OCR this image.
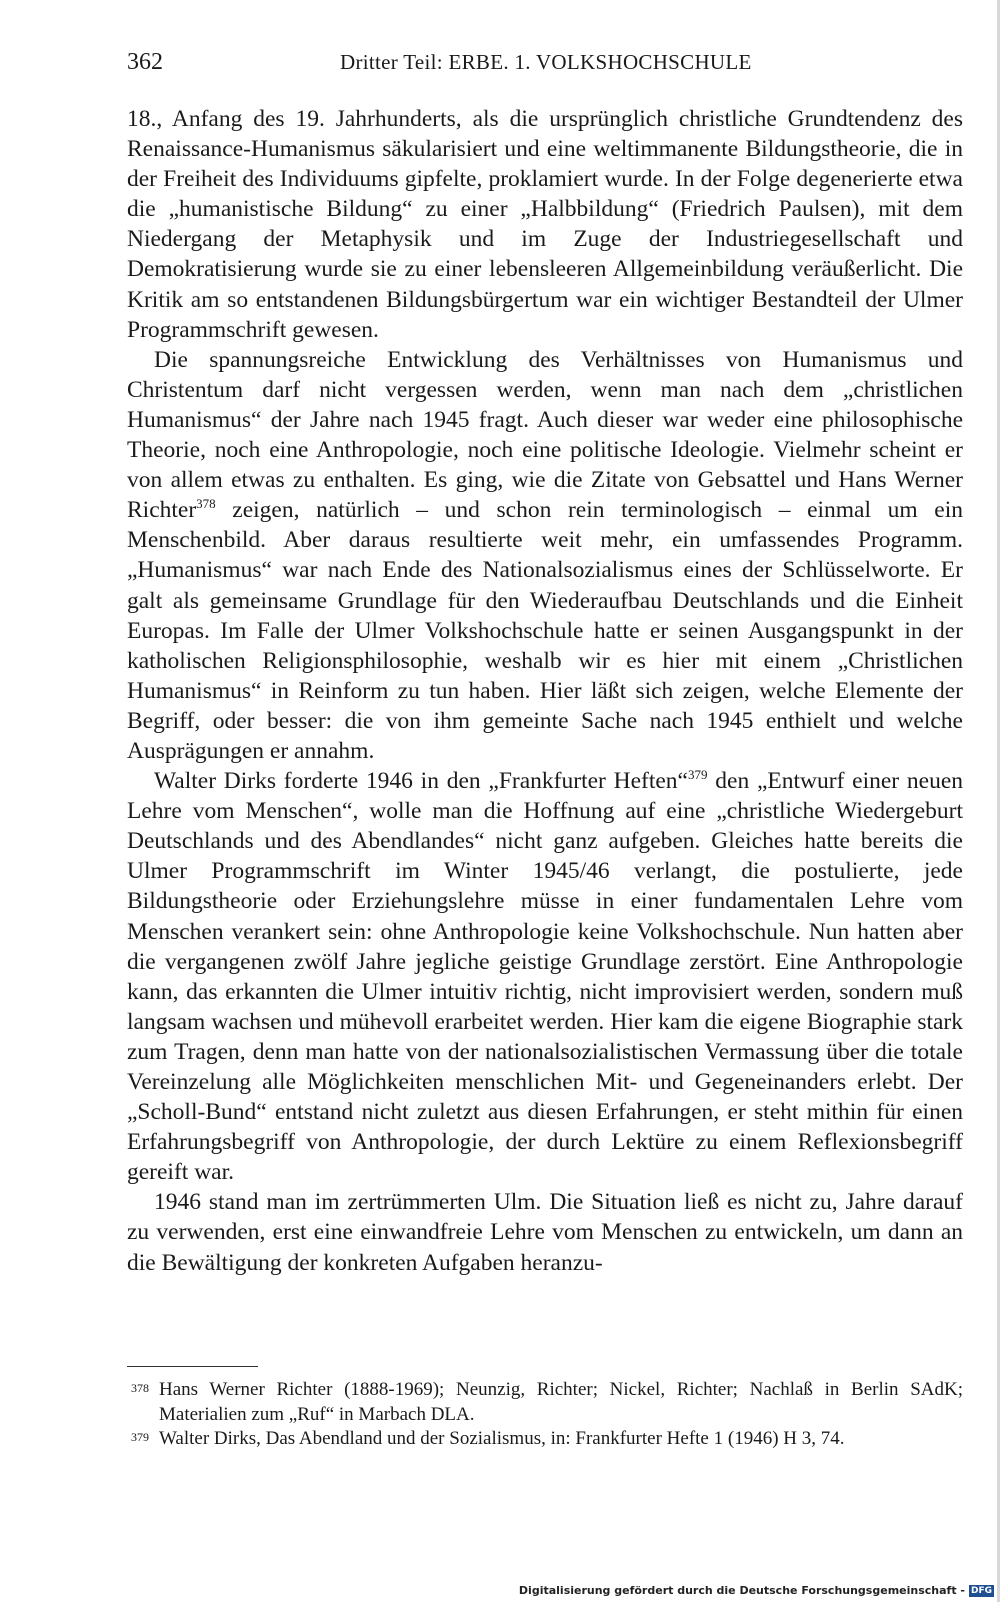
362	Dritter Teil: ERBE. 1. VOLKSHOCHSCHULE

18., Anfang des 19. Jahrhunderts, als die ursprünglich christliche Grundtendenz des Renaissance-Humanismus säkularisiert und eine weltimmanente Bildungstheorie, die in der Freiheit des Individuums gipfelte, proklamiert wurde. In der Folge degenerierte etwa die „humanistische Bildung“ zu einer „Halbbildung“ (Friedrich Paulsen), mit dem Niedergang der Metaphysik und im Zuge der Industriegesellschaft und Demokratisierung wurde sie zu einer lebensleeren Allgemeinbildung veräußerlicht. Die Kritik am so entstandenen Bildungsbürgertum war ein wichtiger Bestandteil der Ulmer Programmschrift gewesen.

Die spannungsreiche Entwicklung des Verhältnisses von Humanismus und Christentum darf nicht vergessen werden, wenn man nach dem „christlichen Humanismus“ der Jahre nach 1945 fragt. Auch dieser war weder eine philosophische Theorie, noch eine Anthropologie, noch eine politische Ideologie. Vielmehr scheint er von allem etwas zu enthalten. Es ging, wie die Zitate von Gebsattel und Hans Werner Richter$^{378}$ zeigen, natürlich – und schon rein terminologisch – einmal um ein Menschenbild. Aber daraus resultierte weit mehr, ein umfassendes Programm. „Humanismus“ war nach Ende des Nationalsozialismus eines der Schlüsselworte. Er galt als gemeinsame Grundlage für den Wiederaufbau Deutschlands und die Einheit Europas. Im Falle der Ulmer Volkshochschule hatte er seinen Ausgangspunkt in der katholischen Religionsphilosophie, weshalb wir es hier mit einem „Christlichen Humanismus“ in Reinform zu tun haben. Hier läßt sich zeigen, welche Elemente der Begriff, oder besser: die von ihm gemeinte Sache nach 1945 enthielt und welche Ausprägungen er annahm.

Walter Dirks forderte 1946 in den „Frankfurter Heften“$^{379}$ den „Entwurf einer neuen Lehre vom Menschen“, wolle man die Hoffnung auf eine „christliche Wiedergeburt Deutschlands und des Abendlandes“ nicht ganz aufgeben. Gleiches hatte bereits die Ulmer Programmschrift im Winter 1945/46 verlangt, die postulierte, jede Bildungstheorie oder Erziehungslehre müsse in einer fundamentalen Lehre vom Menschen verankert sein: ohne Anthropologie keine Volkshochschule. Nun hatten aber die vergangenen zwölf Jahre jegliche geistige Grundlage zerstört. Eine Anthropologie kann, das erkannten die Ulmer intuitiv richtig, nicht improvisiert werden, sondern muß langsam wachsen und mühevoll erarbeitet werden. Hier kam die eigene Biographie stark zum Tragen, denn man hatte von der nationalsozialistischen Vermassung über die totale Vereinzelung alle Möglichkeiten menschlichen Mit- und Gegeneinanders erlebt. Der „Scholl-Bund“ entstand nicht zuletzt aus diesen Erfahrungen, er steht mithin für einen Erfahrungsbegriff von Anthropologie, der durch Lektüre zu einem Reflexionsbegriff gereift war.

1946 stand man im zertrümmerten Ulm. Die Situation ließ es nicht zu, Jahre darauf zu verwenden, erst eine einwandfreie Lehre vom Menschen zu entwickeln, um dann an die Bewältigung der konkreten Aufgaben heranzu-

378 Hans Werner Richter (1888-1969); Neunzig, Richter; Nickel, Richter; Nachlaß in Berlin SAdK; Materialien zum „Ruf“ in Marbach DLA.

379 Walter Dirks, Das Abendland und der Sozialismus, in: Frankfurter Hefte 1 (1946) H 3, 74.

Digitalisierung gefördert durch die Deutsche Forschungsgemeinschaft - DFG
